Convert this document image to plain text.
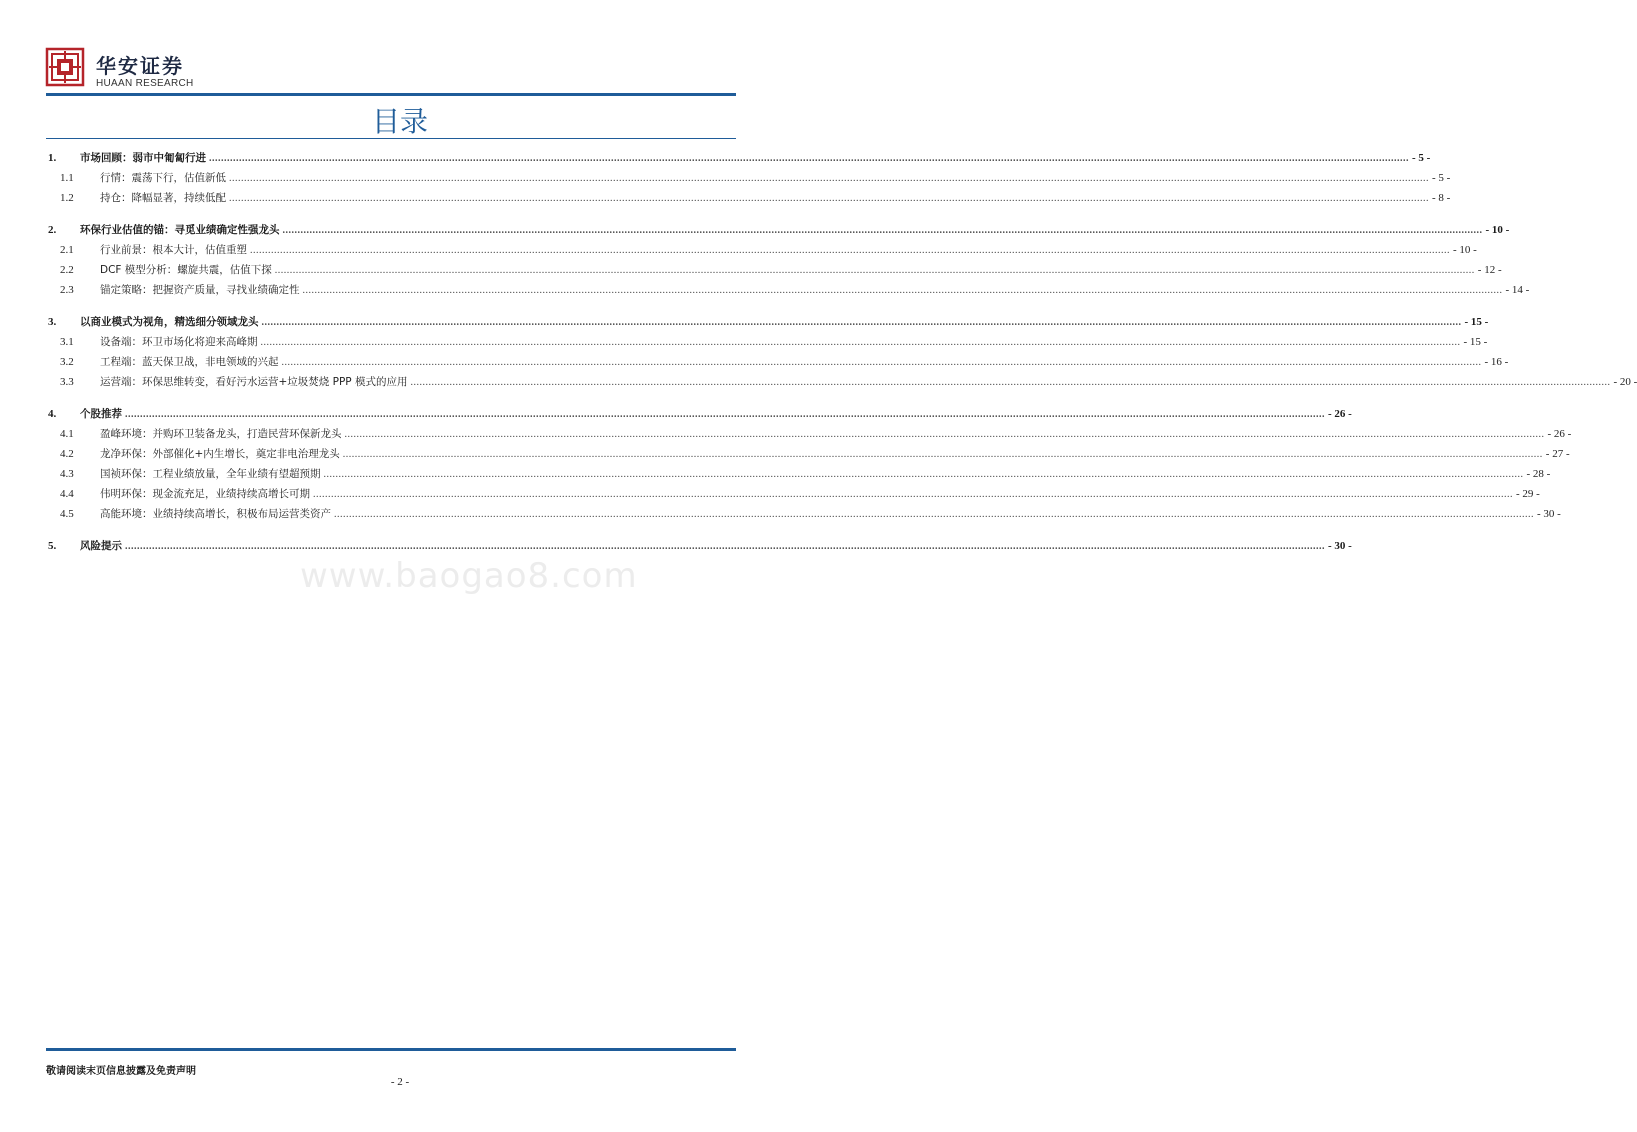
华安证券
HUAAN RESEARCH
目录
1.	市场回顾：弱市中匍匐行进 ................................................................................................................................................................................................................................................................................................................................................................................................................ - 5 -
1.1	行情：震荡下行，估值新低 ................................................................................................................................................................................................................................................................................................................................................................................................................ - 5 -
1.2	持仓：降幅显著，持续低配 ................................................................................................................................................................................................................................................................................................................................................................................................................ - 8 -
2.	环保行业估值的锚：寻觅业绩确定性强龙头 ................................................................................................................................................................................................................................................................................................................................................................................................................ - 10 -
2.1	行业前景：根本大计，估值重塑 ................................................................................................................................................................................................................................................................................................................................................................................................................ - 10 -
2.2	DCF 模型分析：螺旋共震，估值下探 ................................................................................................................................................................................................................................................................................................................................................................................................................ - 12 -
2.3	锚定策略：把握资产质量，寻找业绩确定性 ................................................................................................................................................................................................................................................................................................................................................................................................................ - 14 -
3.	以商业模式为视角，精选细分领域龙头 ................................................................................................................................................................................................................................................................................................................................................................................................................ - 15 -
3.1	设备端：环卫市场化将迎来高峰期 ................................................................................................................................................................................................................................................................................................................................................................................................................ - 15 -
3.2	工程端：蓝天保卫战，非电领域的兴起 ................................................................................................................................................................................................................................................................................................................................................................................................................ - 16 -
3.3	运营端：环保思维转变，看好污水运营+垃圾焚烧 PPP 模式的应用 ................................................................................................................................................................................................................................................................................................................................................................................................................ - 20 -
4.	个股推荐 ................................................................................................................................................................................................................................................................................................................................................................................................................ - 26 -
4.1	盈峰环境：并购环卫装备龙头，打造民营环保新龙头 ................................................................................................................................................................................................................................................................................................................................................................................................................ - 26 -
4.2	龙净环保：外部催化+内生增长，奠定非电治理龙头 ................................................................................................................................................................................................................................................................................................................................................................................................................ - 27 -
4.3	国祯环保：工程业绩放量，全年业绩有望超预期 ................................................................................................................................................................................................................................................................................................................................................................................................................ - 28 -
4.4	伟明环保：现金流充足，业绩持续高增长可期 ................................................................................................................................................................................................................................................................................................................................................................................................................ - 29 -
4.5	高能环境：业绩持续高增长，积极布局运营类资产 ................................................................................................................................................................................................................................................................................................................................................................................................................ - 30 -
5.	风险提示 ................................................................................................................................................................................................................................................................................................................................................................................................................ - 30 -
www.baogao8.com
敬请阅读末页信息披露及免责声明
- 2 -
